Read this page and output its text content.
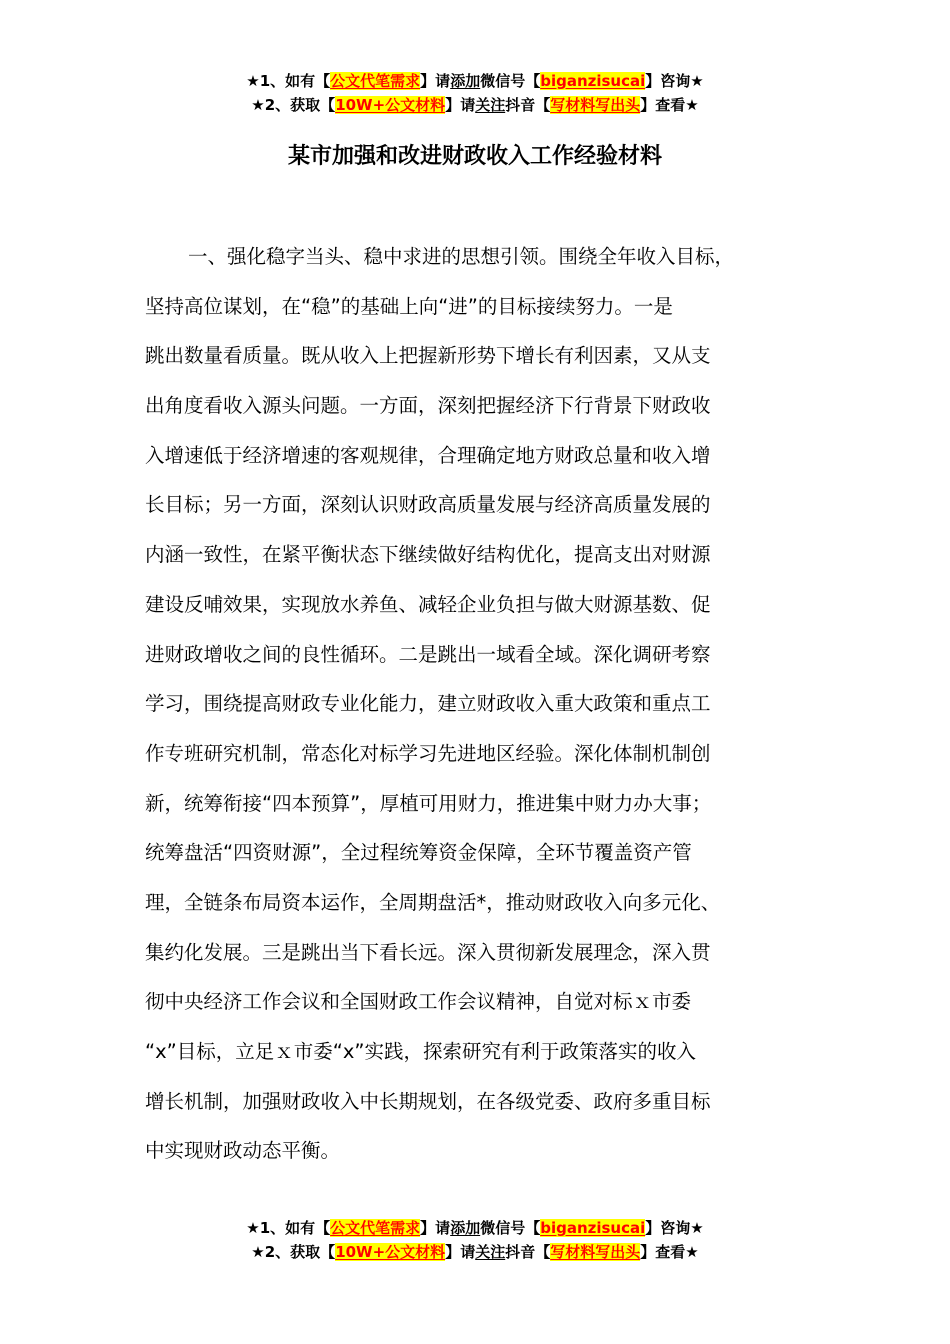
★1、如有【公文代笔需求】请添加微信号【biganzisucai】咨询★
★2、获取【10W+公文材料】请关注抖音【写材料写出头】查看★
某市加强和改进财政收入工作经验材料
一、强化稳字当头、稳中求进的思想引领。围绕全年收入目标，
坚持高位谋划，在“稳”的基础上向“进”的目标接续努力。一是
跳出数量看质量。既从收入上把握新形势下增长有利因素，又从支
出角度看收入源头问题。一方面，深刻把握经济下行背景下财政收
入增速低于经济增速的客观规律，合理确定地方财政总量和收入增
长目标；另一方面，深刻认识财政高质量发展与经济高质量发展的
内涵一致性，在紧平衡状态下继续做好结构优化，提高支出对财源
建设反哺效果，实现放水养鱼、减轻企业负担与做大财源基数、促
进财政增收之间的良性循环。二是跳出一域看全域。深化调研考察
学习，围绕提高财政专业化能力，建立财政收入重大政策和重点工
作专班研究机制，常态化对标学习先进地区经验。深化体制机制创
新，统筹衔接“四本预算”，厚植可用财力，推进集中财力办大事；
统筹盘活“四资财源”，全过程统筹资金保障，全环节覆盖资产管
理，全链条布局资本运作，全周期盘活*，推动财政收入向多元化、
集约化发展。三是跳出当下看长远。深入贯彻新发展理念，深入贯
彻中央经济工作会议和全国财政工作会议精神，自觉对标ｘ市委
“x”目标，立足ｘ市委“x”实践，探索研究有利于政策落实的收入
增长机制，加强财政收入中长期规划，在各级党委、政府多重目标
中实现财政动态平衡。
★1、如有【公文代笔需求】请添加微信号【biganzisucai】咨询★
★2、获取【10W+公文材料】请关注抖音【写材料写出头】查看★
